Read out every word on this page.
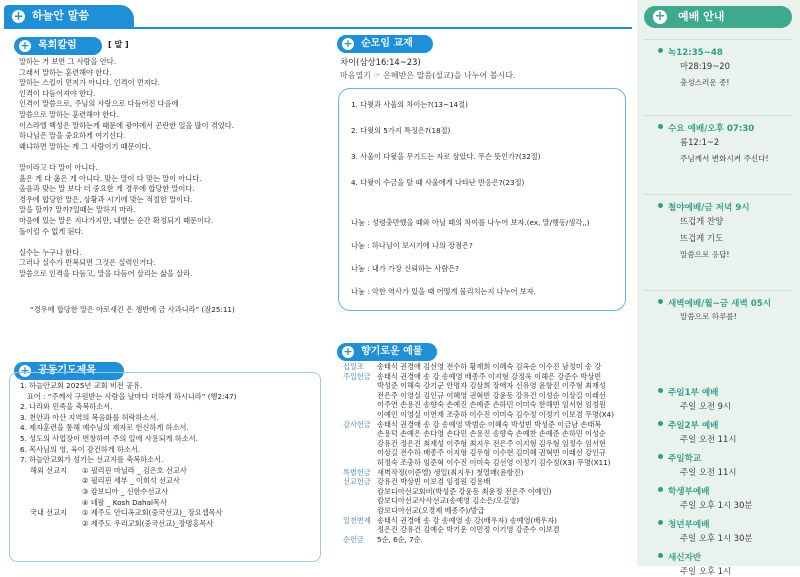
+ 하늘안 말씀
+ 목회칼럼	[ 말 ]
말하는 거 보면 그 사람을 안다.
그래서 말하는 훈련해야 한다.
말하는 스킬이 먼저가 아니다. 인격이 먼저다.
인격이 다듬어져야 한다.
인격이 말씀으로, 주님의 사랑으로 다듬어진 다음에
말씀으로 말하는 훈련해야 한다.
이스라엘 백성은 말하는게 때문에 광야에서 곤란한 일을 많이 겪었다.
하나님은 말을 중요하게 여기신다.
왜냐하면 말하는 게 그 사람이기 때문이다.

말이라고 다 말이 아니다.
옳은 게 다 옳은 게 아니다. 맞는 말이 다 맞는 말이 아니다.
올음과 맞는 말 보다 더 중요한 게 경우에 합당한 말이다.
경우에 합당한 말은, 상황과 시기에 맞는 적절한 말이다.
말을 할까? 말까?일때는 말하지 마라.
마음에 있는 말은 지나가지만, 내뱉는 순간 확정되기 때문이다.
돌이킬 수 없게 된다.

실수는 누구나 한다.
그러나 실수가 반복되면 그것은 실력인거다.
말씀으로 인격을 다듬고, 말을 다듬어 살리는 삶을 살라.
“경우에 합당한 말은 아로새긴 은 쟁반에 금 사과니라” (잠25:11)
+ 공동기도제목
1. 하늘안교회 2025년 교회 비전 공유.
표어 : “주께서 구원받는 사람을 날마다 더하게 하시니라” (행2:47)
2. 나라와 민족을 축복하소서.
3. 천안과 아산 지역의 복음화를 허락하소서.
4. 제자훈련을 통해 예수님의 제자로 헌신하게 하소서.
5. 성도의 사업장이 번창하여 주의 일에 사용되게 하소서.
6. 목사님의 영, 육이 강건하게 하소서.
7. 하늘안교회가 섬기는 선교지를 축복하소서.
해외 선교지	① 필리핀 마닐라 _ 김은호 선교사
② 필리핀 세부 _ 이희석 선교사
③ 캄보디아 _ 신한수선교사
④ 네팔 _ Kosh Dahal목사
국내 선교지	① 제주도 안디옥교회(중국선교)_ 장요셉목사
② 제주도 우리교회(중국선교)_장명홍목사
+ 순모임 교재
차이(삼상16:14~23)
마음열기 ☞ 은혜받은 말씀(설교)을 나누어 봅시다.
1. 다윗과 사울의 차이는?(13~14절)
2. 다윗의 5가지 특징은?(18절)
3. 사울이 다윗을 무기드는 자로 삼았다. 무슨 뜻인가?(32절)
4. 다윗이 수금을 탈 때 사울에게 나타난 반응은?(23절)
나눔 : 성령충만했을 때와 아닐 때의 차이를 나누어 보자.(ex, 말/행동/생각,,)
나눔 : 하나님이 보시기에 나의 장점은?
나눔 : 내가 가장 신뢰하는 사람은?
나눔 : 악한 역사가 있을 때 어떻게 물리치는지 나누어 보자.
+ 향기로운 예물
십일조	송태식 권경애 김선영 전수하 황재희 이혜숙 김옥순 이수진 남정미 송 강
주일헌금 송태식 권경애 송 강 송예영 배종주 이지형 강정욱 이해은 강준수 박상빈
박성준 이해숙 강기군 안명자 김삼희 장애자 신유영 윤항진 이주형 최재성
전은주 이영실 김인규 이혜영 권혁빈 강윤동 강유건 이성순 이상길 이래선
이주연 손용진 송향숙 손예진 손예준 손하민 이미숙 한해빈 임서현 임정원
이예인 이영실 이연재 조충하 이수진 이미숙 김수정 이정기 이보겸 무명(X4)
감사헌금 송태식 권경애 송 강 송예영 박범순 이혜숙 박성빈 박성준 이금남 손태복
손용덕 손예은 손다영 손다민 손용진 송향숙 손예찬 손예준 손하민 이성순
강유건 정은진 최재성 이주형 최지우 전은주 이지형 김우형 임정수 임서현
이상길 전수하 배종주 이지형 김우형 이수현 김미혜 권혁빈 이래선 강인규
허정숙 조충하 임준혁 이수진 이미숙 김선영 이정기 김수정(X3) 무명(X11)
특별헌금 새벽작정(이준엘) 생일(최지우) 첫열매(윤항진)
선교헌금 강유건 박상빈 이보겸 임정원 김용배
캄보디아선교회비(박성준 강윤동 최윤정 전은주 이예인)
캄보디아선교사사선교(송예영 김소은/오길영)
캄보디아선교(오경제 배종주)/발급
일천번제 송태식 권경애 송 강 송예영 송 강(배우자) 송예영(배우자)
정은진 강유건 김예순 박기운 이민정 이기영 강준수 이보겸
순헌금	5순, 6순, 7순.
+ 예배 안내
녹12:35~48
마28:19~20
충성스러운 종!
수요 예배/오후 07:30
롬12:1~2
주님께서 변화시켜 주신다!
철야예배/금 저녁 9시
뜨겁게 찬양
뜨겁게 기도
말씀으로 응답!
새벽예배/월~금 새벽 05시
말씀으로 하루를!
주일1부 예배
주일 오전 9시
주일2부 예배
주일 오전 11시
주일학교
주일 오전 11시
학생부예배
주일 오후 1시 30분
청년부예배
주일 오후 1시 30분
새신자반
주일 오후 1시
